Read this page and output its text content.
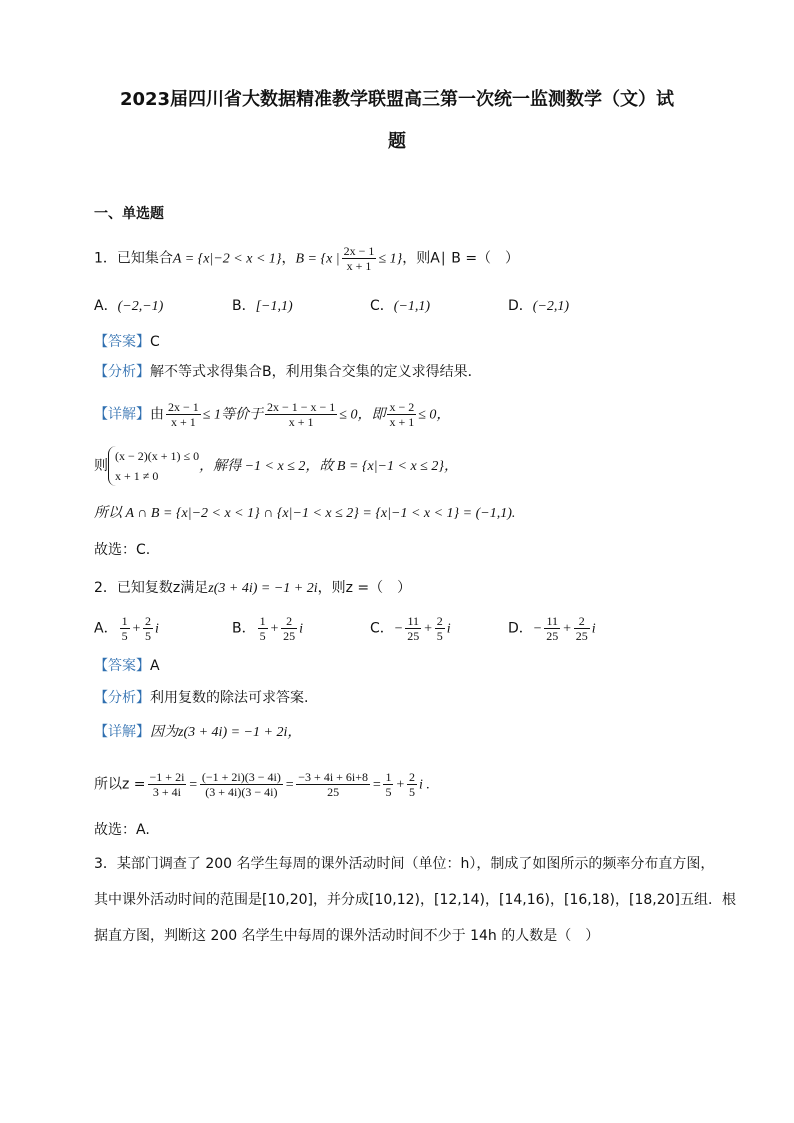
2023届四川省大数据精准教学联盟高三第一次统一监测数学（文）试
题
一、单选题
1．已知集合A = {x|−2 < x < 1}，B = {x | $\frac{2x - 1}{x + 1} \le 1$}，则A∣ B =（　）
A．(−2,−1)	B．[−1,1)	C．(−1,1)	D．(−2,1)
【答案】C
【分析】解不等式求得集合B，利用集合交集的定义求得结果．
【详解】由 $\frac{2x - 1}{x + 1} \le 1$等价于 $\frac{2x - 1 - x - 1}{x + 1} \le 0$，即 $\frac{x - 2}{x + 1} \le 0$，
则
(x − 2)(x + 1) ≤ 0
x + 1 ≠ 0
，解得 −1 < x ≤ 2，故 B = {x|−1 < x ≤ 2}，
所以 A ∩ B = {x|−2 < x < 1} ∩ {x|−1 < x ≤ 2} = {x|−1 < x < 1} = (−1,1).
故选：C.
2．已知复数z满足z(3 + 4i) = −1 + 2i，则z =（　）
A． $\frac{1}{5} + \frac{2}{5}$ i	B． $\frac{1}{5} + \frac{2}{25}$ i	C．− $\frac{11}{25} + \frac{2}{5}$ i	D．− $\frac{11}{25} + \frac{2}{25}$ i
【答案】A
【分析】利用复数的除法可求答案.
【详解】因为z(3 + 4i) = −1 + 2i，
所以$z = \frac{-1 + 2i}{3 + 4i} = \frac{(-1 + 2i)(3 - 4i)}{(3 + 4i)(3 - 4i)} = \frac{-3 + 4i + 6i+8}{25} = \frac{1}{5} + \frac{2}{5}$ i .
故选：A.
3．某部门调查了 200 名学生每周的课外活动时间（单位：h），制成了如图所示的频率分布直方图，
其中课外活动时间的范围是[10,20]，并分成[10,12)，[12,14)，[14,16)，[16,18)，[18,20]五组．根
据直方图，判断这 200 名学生中每周的课外活动时间不少于 14h 的人数是（　）
